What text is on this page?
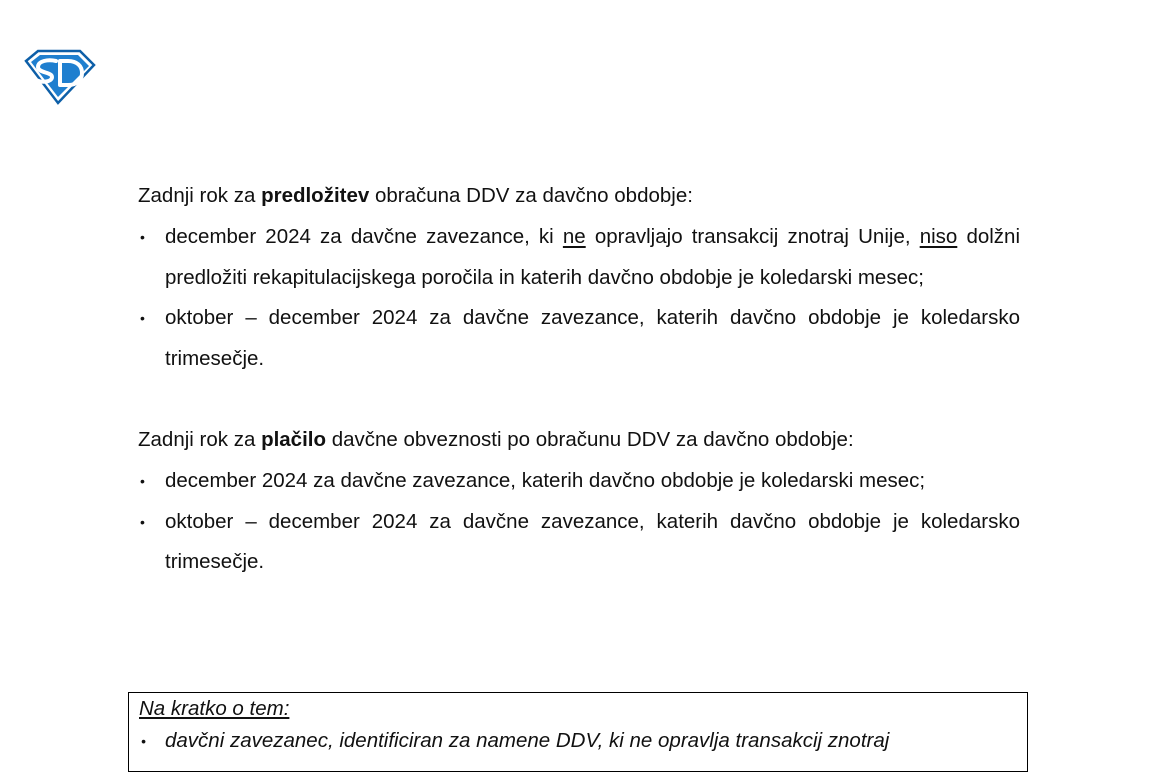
Zadnji rok za predložitev obračuna DDV za davčno obdobje:

• december 2024 za davčne zavezance, ki ne opravljajo transakcij znotraj Unije, niso dolžni predložiti rekapitulacijskega poročila in katerih davčno obdobje je koledarski mesec;
• oktober – december 2024 za davčne zavezance, katerih davčno obdobje je koledarsko trimesečje.

Zadnji rok za plačilo davčne obveznosti po obračunu DDV za davčno obdobje:

• december 2024 za davčne zavezance, katerih davčno obdobje je koledarski mesec;
• oktober – december 2024 za davčne zavezance, katerih davčno obdobje je koledarsko trimesečje.

Na kratko o tem:

• davčni zavezanec, identificiran za namene DDV, ki ne opravlja transakcij znotraj
